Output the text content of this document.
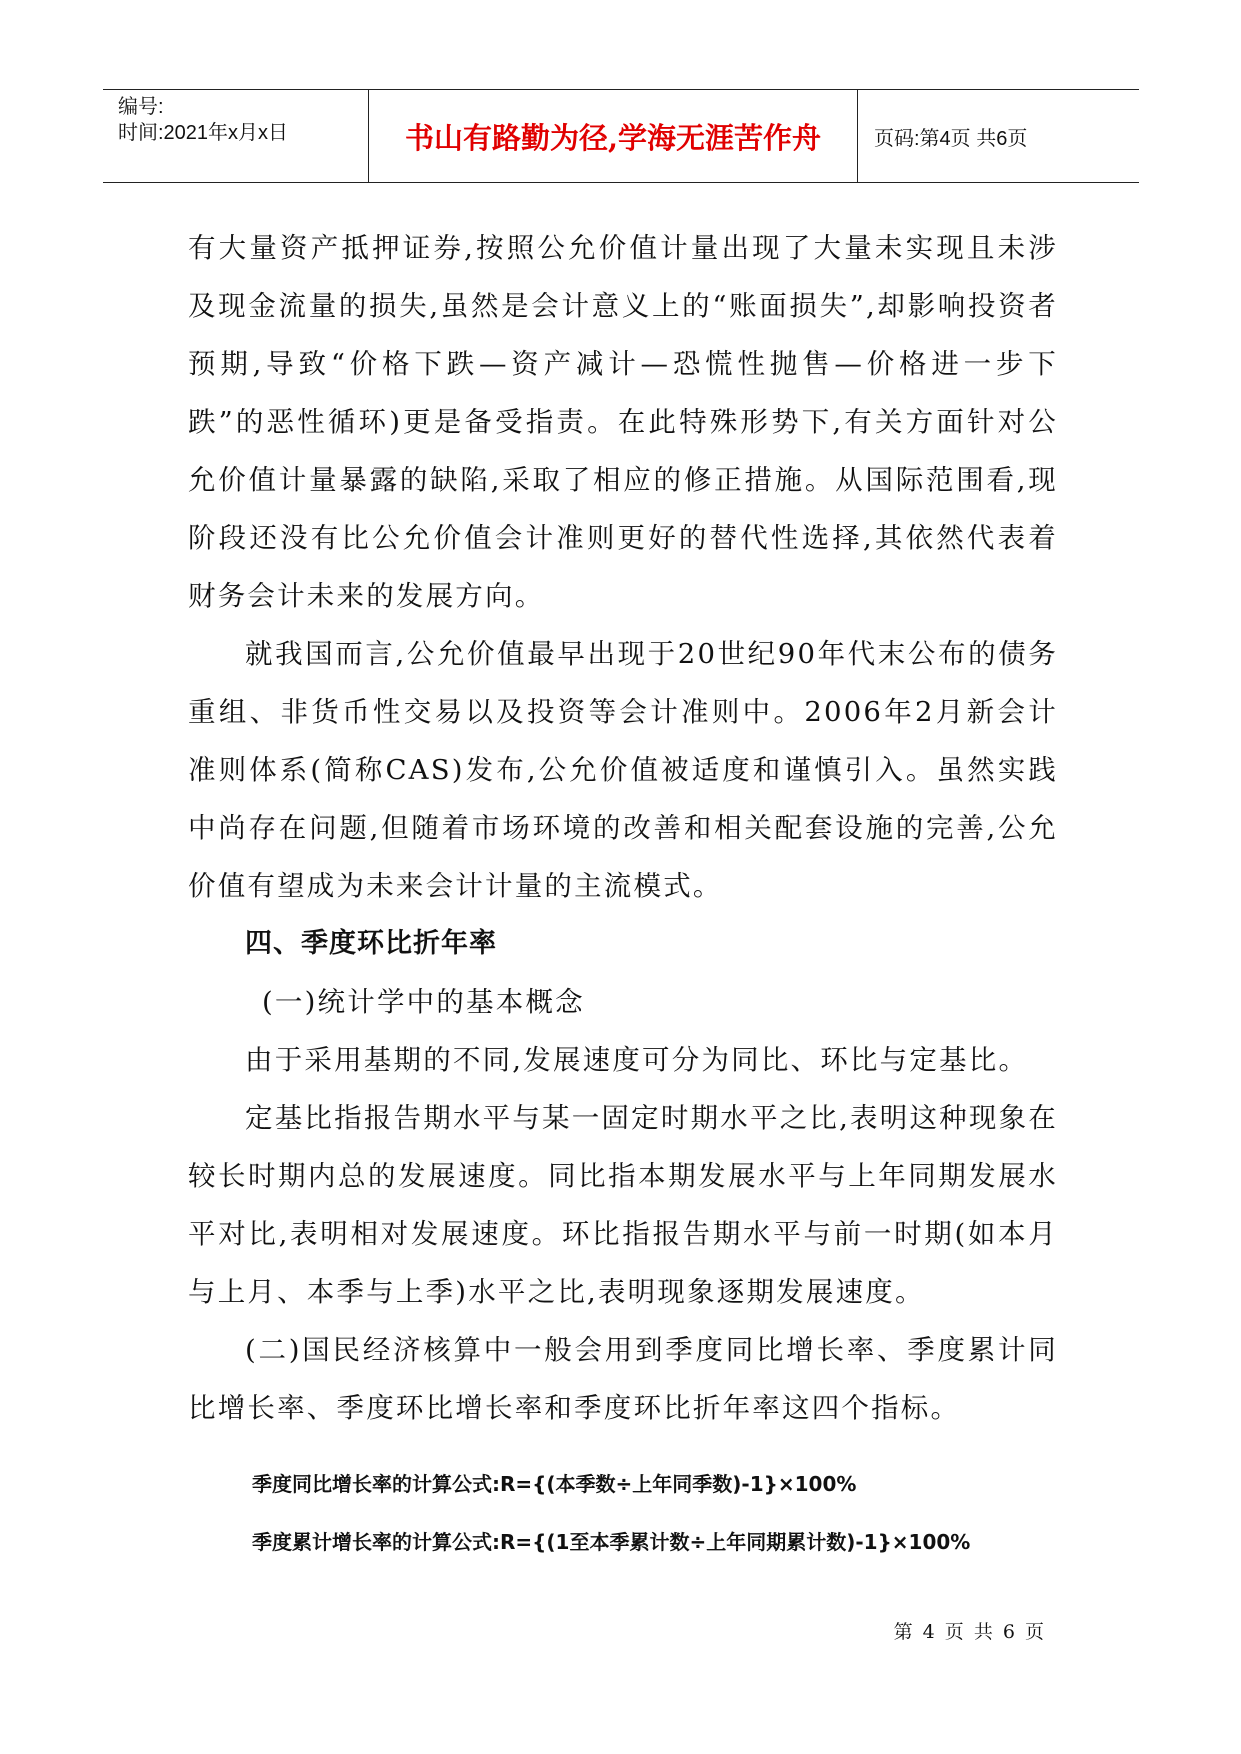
编号:
时间:2021年x月x日	书山有路勤为径,学海无涯苦作舟	页码:第4页 共6页

有大量资产抵押证券,按照公允价值计量出现了大量未实现且未涉及现金流量的损失,虽然是会计意义上的“账面损失”,却影响投资者预期,导致“价格下跌—资产减计—恐慌性抛售—价格进一步下跌”的恶性循环)更是备受指责。在此特殊形势下,有关方面针对公允价值计量暴露的缺陷,采取了相应的修正措施。从国际范围看,现阶段还没有比公允价值会计准则更好的替代性选择,其依然代表着财务会计未来的发展方向。

就我国而言,公允价值最早出现于20世纪90年代末公布的债务重组、非货币性交易以及投资等会计准则中。2006年2月新会计准则体系(简称CAS)发布,公允价值被适度和谨慎引入。虽然实践中尚存在问题,但随着市场环境的改善和相关配套设施的完善,公允价值有望成为未来会计计量的主流模式。

四、季度环比折年率

(一)统计学中的基本概念

由于采用基期的不同,发展速度可分为同比、环比与定基比。

定基比指报告期水平与某一固定时期水平之比,表明这种现象在较长时期内总的发展速度。同比指本期发展水平与上年同期发展水平对比,表明相对发展速度。环比指报告期水平与前一时期(如本月与上月、本季与上季)水平之比,表明现象逐期发展速度。

(二)国民经济核算中一般会用到季度同比增长率、季度累计同比增长率、季度环比增长率和季度环比折年率这四个指标。

季度同比增长率的计算公式:R={(本季数÷上年同季数)-1}×100%

季度累计增长率的计算公式:R={(1至本季累计数÷上年同期累计数)-1}×100%

第 4 页 共 6 页
